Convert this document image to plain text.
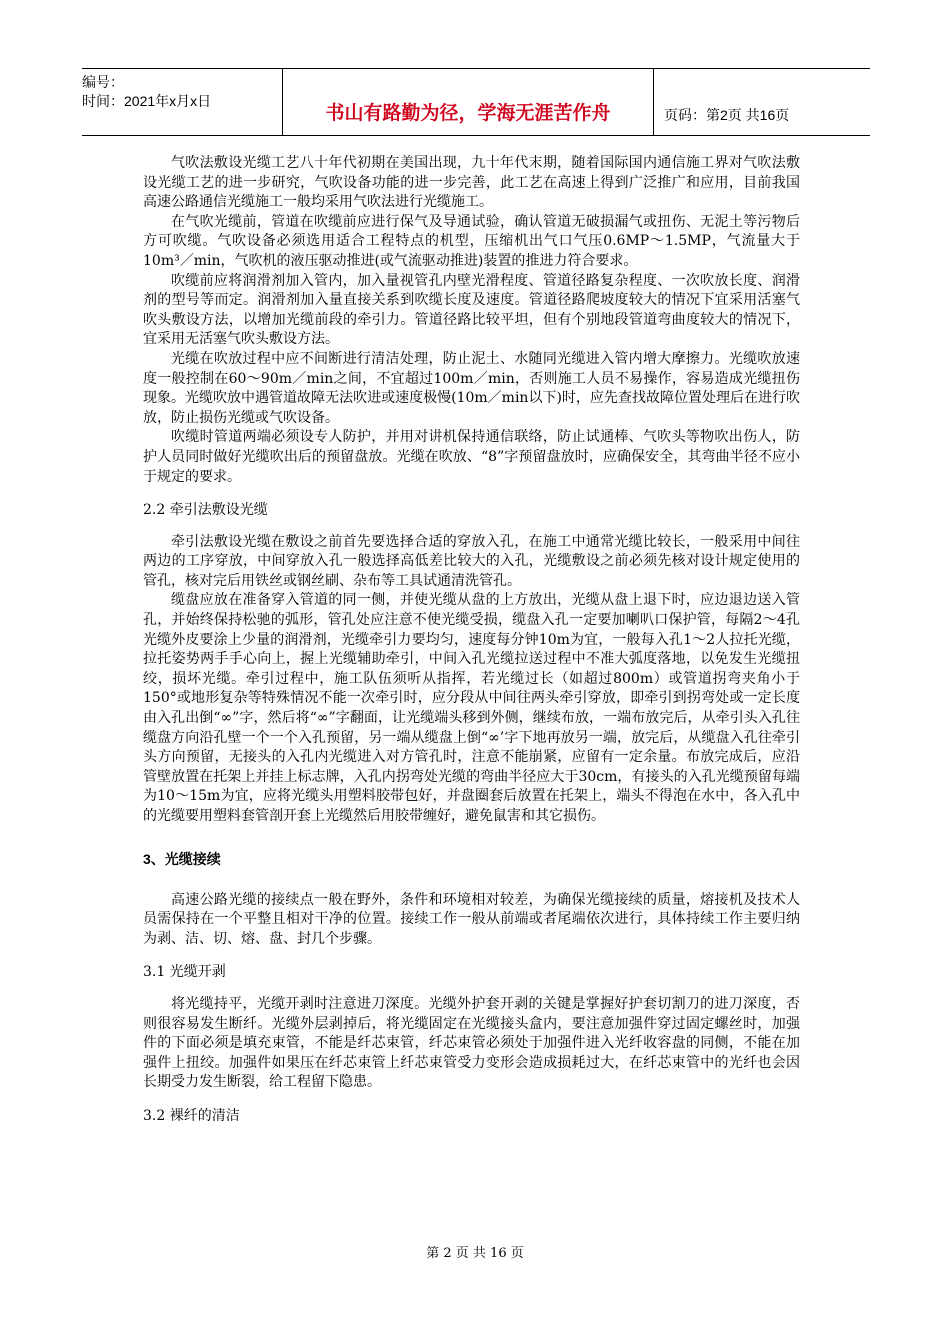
编号：
时间：2021年x月x日
书山有路勤为径，学海无涯苦作舟	页码：第2页 共16页

气吹法敷设光缆工艺八十年代初期在美国出现，九十年代末期，随着国际国内通信施工界对气吹法敷设光缆工艺的进一步研究，气吹设备功能的进一步完善，此工艺在高速上得到广泛推广和应用，目前我国高速公路通信光缆施工一般均采用气吹法进行光缆施工。

在气吹光缆前，管道在吹缆前应进行保气及导通试验，确认管道无破损漏气或扭伤、无泥土等污物后方可吹缆。气吹设备必须选用适合工程特点的机型，压缩机出气口气压0.6MP～1.5MP，气流量大于10m³／min，气吹机的液压驱动推进(或气流驱动推进)装置的推进力符合要求。

吹缆前应将润滑剂加入管内，加入量视管孔内壁光滑程度、管道径路复杂程度、一次吹放长度、润滑剂的型号等而定。润滑剂加入量直接关系到吹缆长度及速度。管道径路爬坡度较大的情况下宜采用活塞气吹头敷设方法，以增加光缆前段的牵引力。管道径路比较平坦，但有个别地段管道弯曲度较大的情况下，宜采用无活塞气吹头敷设方法。

光缆在吹放过程中应不间断进行清洁处理，防止泥土、水随同光缆进入管内增大摩擦力。光缆吹放速度一般控制在60～90m／min之间，不宜超过100m／min，否则施工人员不易操作，容易造成光缆扭伤现象。光缆吹放中遇管道故障无法吹进或速度极慢(10m／min以下)时，应先查找故障位置处理后在进行吹放，防止损伤光缆或气吹设备。

吹缆时管道两端必须设专人防护，并用对讲机保持通信联络，防止试通棒、气吹头等物吹出伤人，防护人员同时做好光缆吹出后的预留盘放。光缆在吹放、“8”字预留盘放时，应确保安全，其弯曲半径不应小于规定的要求。

2.2 牵引法敷设光缆

牵引法敷设光缆在敷设之前首先要选择合适的穿放入孔，在施工中通常光缆比较长，一般采用中间往两边的工序穿放，中间穿放入孔一般选择高低差比较大的入孔，光缆敷设之前必须先核对设计规定使用的管孔，核对完后用铁丝或钢丝刷、杂布等工具试通清洗管孔。

缆盘应放在准备穿入管道的同一侧，并使光缆从盘的上方放出，光缆从盘上退下时，应边退边送入管孔，并始终保持松驰的弧形，管孔处应注意不使光缆受损，缆盘入孔一定要加喇叭口保护管，每隔2～4孔光缆外皮要涂上少量的润滑剂，光缆牵引力要均匀，速度每分钟10m为宜，一般每入孔1～2人拉托光缆，拉托姿势两手手心向上，握上光缆辅助牵引，中间入孔光缆拉送过程中不准大弧度落地，以免发生光缆扭绞，损坏光缆。牵引过程中，施工队伍须听从指挥，若光缆过长（如超过800m）或管道拐弯夹角小于150°或地形复杂等特殊情况不能一次牵引时，应分段从中间往两头牵引穿放，即牵引到拐弯处或一定长度由入孔出倒“∞”字，然后将“∞”字翻面，让光缆端头移到外侧，继续布放，一端布放完后，从牵引头入孔往缆盘方向沿孔壁一个一个入孔预留，另一端从缆盘上倒“∞’字下地再放另一端，放完后，从缆盘入孔往牵引头方向预留，无接头的入孔内光缆进入对方管孔时，注意不能崩紧，应留有一定余量。布放完成后，应沿管壁放置在托架上并挂上标志牌，入孔内拐弯处光缆的弯曲半径应大于30cm，有接头的入孔光缆预留每端为10～15m为宜，应将光缆头用塑料胶带包好，并盘圈套后放置在托架上，端头不得泡在水中，各入孔中的光缆要用塑料套管剖开套上光缆然后用胶带缠好，避免鼠害和其它损伤。

3、光缆接续

高速公路光缆的接续点一般在野外，条件和环境相对较差，为确保光缆接续的质量，熔接机及技术人员需保持在一个平整且相对干净的位置。接续工作一般从前端或者尾端依次进行，具体持续工作主要归纳为剥、洁、切、熔、盘、封几个步骤。

3.1 光缆开剥

将光缆持平，光缆开剥时注意进刀深度。光缆外护套开剥的关键是掌握好护套切割刀的进刀深度，否则很容易发生断纤。光缆外层剥掉后，将光缆固定在光缆接头盒内，要注意加强件穿过固定螺丝时，加强件的下面必须是填充束管，不能是纤芯束管，纤芯束管必须处于加强件进入光纤收容盘的同侧，不能在加强件上扭绞。加强件如果压在纤芯束管上纤芯束管受力变形会造成损耗过大，在纤芯束管中的光纤也会因长期受力发生断裂，给工程留下隐患。

3.2 裸纤的清洁
第 2 页 共 16 页
